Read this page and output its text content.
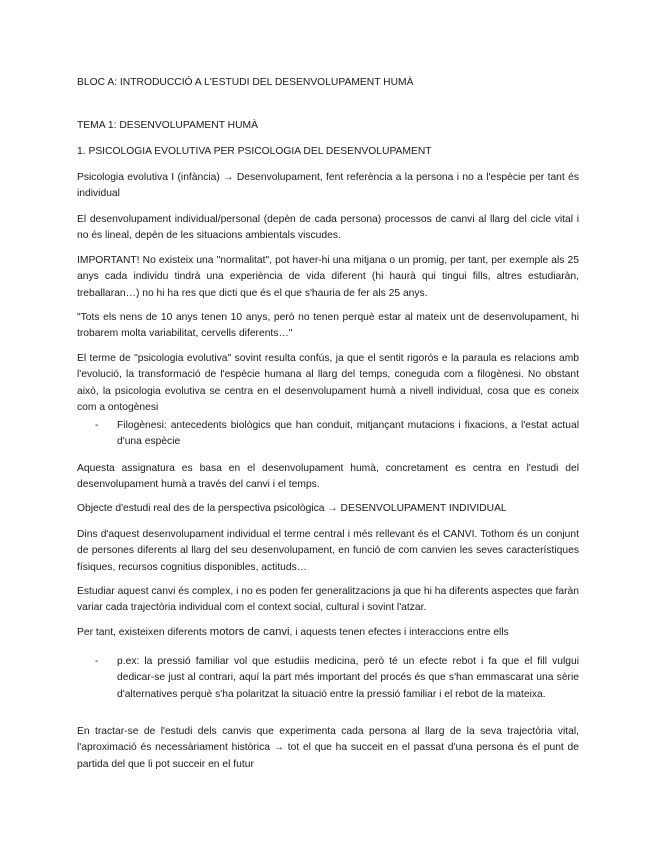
BLOC A: INTRODUCCIÓ A L'ESTUDI DEL DESENVOLUPAMENT HUMÀ

TEMA 1: DESENVOLUPAMENT HUMÀ

1. PSICOLOGIA EVOLUTIVA PER PSICOLOGIA DEL DESENVOLUPAMENT

Psicologia evolutiva I (infància) → Desenvolupament, fent referència a la persona i no a l'espècie per tant és individual

El desenvolupament individual/personal (depèn de cada persona) processos de canvi al llarg del cicle vital i no és lineal, depèn de les situacions ambientals viscudes.

IMPORTANT! No existeix una "normalitat", pot haver-hi una mitjana o un promig, per tant, per exemple als 25 anys cada individu tindrà una experiència de vida diferent (hi haurà qui tingui fills, altres estudiaràn, treballaran…) no hi ha res que dicti que és el que s'hauria de fer als 25 anys.

"Tots els nens de 10 anys tenen 10 anys, però no tenen perquè estar al mateix unt de desenvolupament, hi trobarem molta variabilitat, cervells diferents…"

El terme de "psicologia evolutiva" sovint resulta confús, ja que el sentit rigorós e la paraula es relacions amb l'evolució, la transformació de l'espècie humana al llarg del temps, coneguda com a filogènesi. No obstant això, la psicologia evolutiva se centra en el desenvolupament humà a nivell individual, cosa que es coneix com a ontogènesi

- Filogènesi: antecedents biològics que han conduit, mitjançant mutacions i fixacions, a l'estat actual d'una espècie

Aquesta assignatura es basa en el desenvolupament humà, concretament es centra en l'estudi del desenvolupament humà a través del canvi i el temps.

Objecte d'estudi real des de la perspectiva psicològica → DESENVOLUPAMENT INDIVIDUAL

Dins d'aquest desenvolupament individual el terme central i més rellevant és el CANVI. Tothom és un conjunt de persones diferents al llarg del seu desenvolupament, en funció de com canvien les seves característiques físiques, recursos cognitius disponibles, actituds…

Estudiar aquest canvi és complex, i no es poden fer generalitzacions ja que hi ha diferents aspectes que faràn variar cada trajectòria individual com el context social, cultural i sovint l'atzar.

Per tant, existeixen diferents motors de canvi, i aquests tenen efectes i interaccions entre ells

- p.ex: la pressió familiar vol que estudiis medicina, però té un efecte rebot i fa que el fill vulgui dedicar-se just al contrari, aquí la part més important del procés és que s'han emmascarat una sèrie d'alternatives perquè s'ha polaritzat la situació entre la pressió familiar i el rebot de la mateixa.

En tractar-se de l'estudi dels canvis que experimenta cada persona al llarg de la seva trajectòria vital, l'aproximació és necessàriament històrica → tot el que ha succeit en el passat d'una persona és el punt de partida del que li pot succeir en el futur
